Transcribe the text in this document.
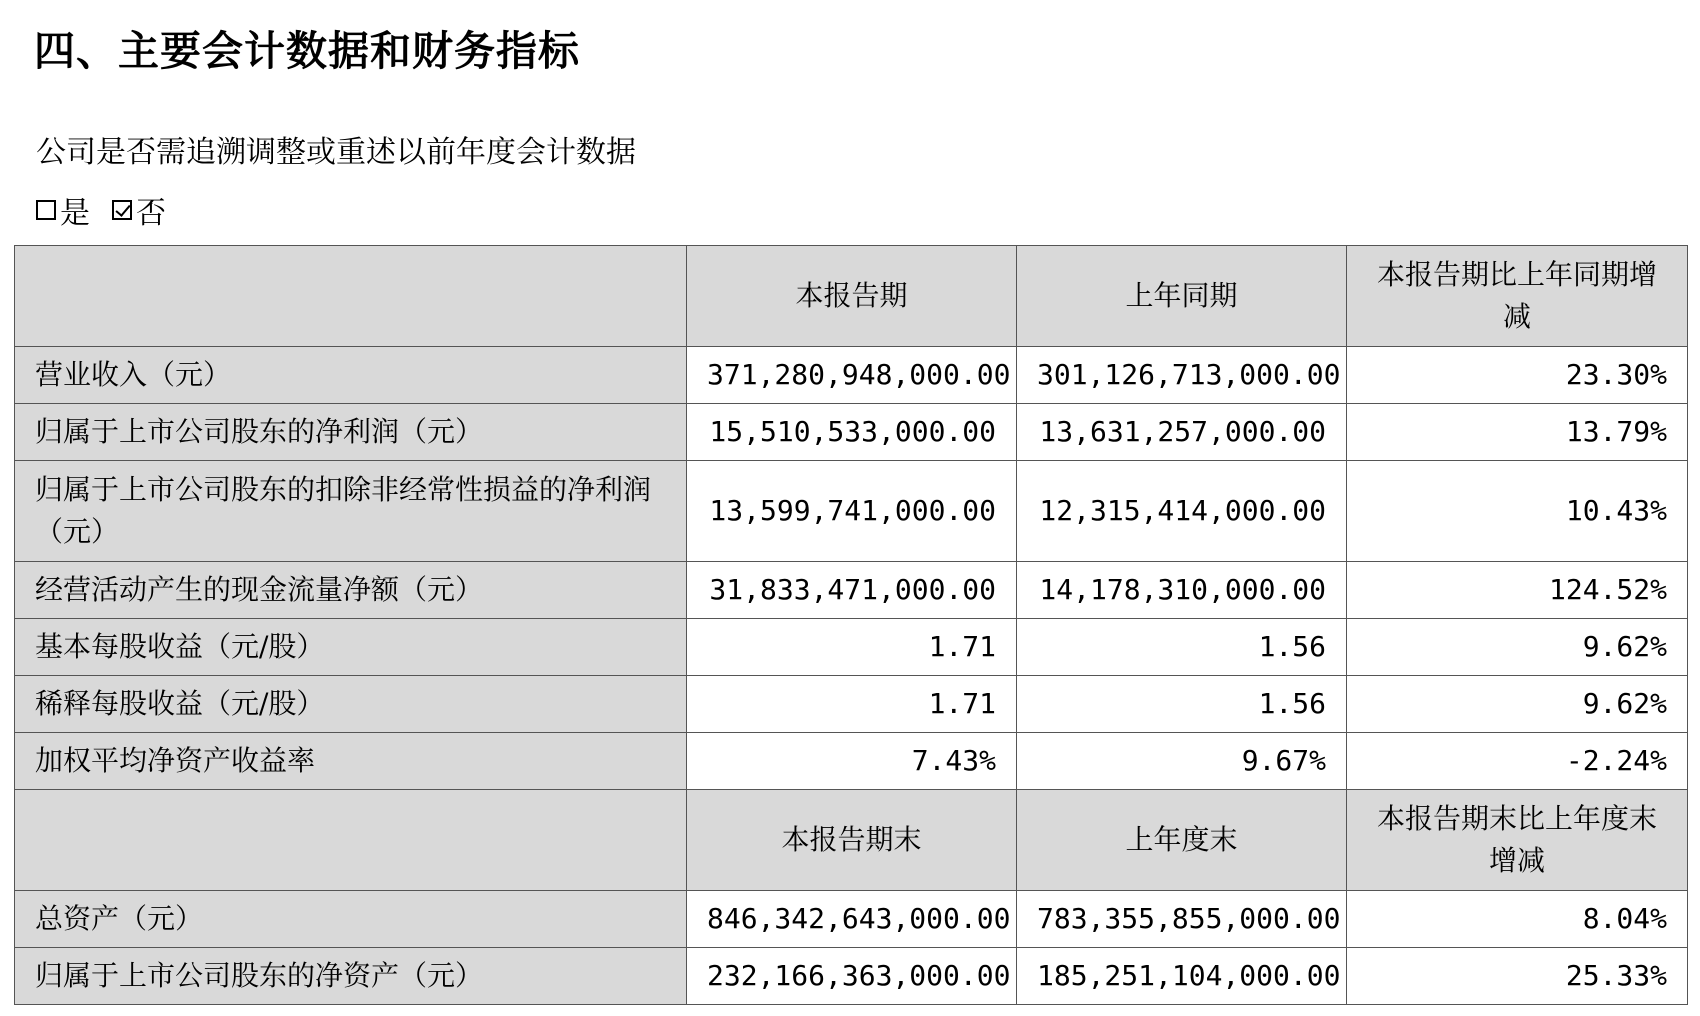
四、主要会计数据和财务指标
公司是否需追溯调整或重述以前年度会计数据
是 否
	本报告期	上年同期	本报告期比上年同期增减
营业收入（元）	371,280,948,000.00	301,126,713,000.00	23.30%
归属于上市公司股东的净利润（元）	15,510,533,000.00	13,631,257,000.00	13.79%
归属于上市公司股东的扣除非经常性损益的净利润（元）	13,599,741,000.00	12,315,414,000.00	10.43%
经营活动产生的现金流量净额（元）	31,833,471,000.00	14,178,310,000.00	124.52%
基本每股收益（元/股）	1.71	1.56	9.62%
稀释每股收益（元/股）	1.71	1.56	9.62%
加权平均净资产收益率	7.43%	9.67%	-2.24%
	本报告期末	上年度末	本报告期末比上年度末增减
总资产（元）	846,342,643,000.00	783,355,855,000.00	8.04%
归属于上市公司股东的净资产（元）	232,166,363,000.00	185,251,104,000.00	25.33%
